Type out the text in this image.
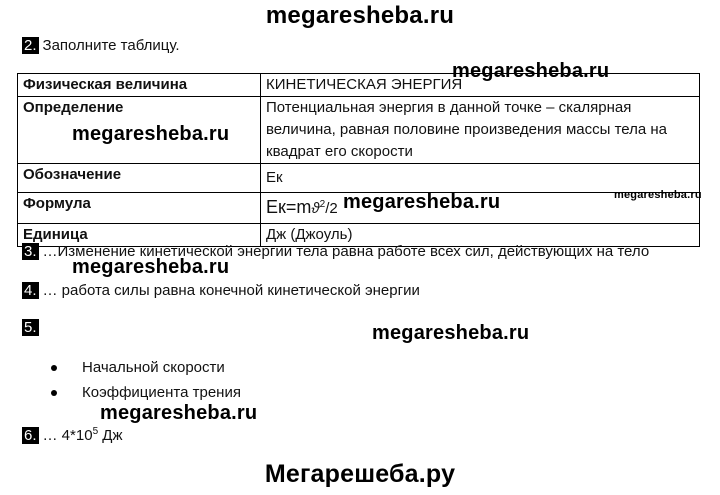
megaresheba.ru
2. Заполните таблицу.
Физическая величина	КИНЕТИЧЕСКАЯ ЭНЕРГИЯ
Определение	Потенциальная энергия в данной точке – скалярная величина, равная половине произведения массы тела на квадрат его скорости
Обозначение	Eк
Формула	$Eк=mϑ^2/2$
Единица	Дж (Джоуль)
megaresheba.ru
megaresheba.ru
megaresheba.ru
megaresheba.ru
3. …Изменение кинетической энергии тела равна работе всех сил, действующих на тело
megaresheba.ru
4. … работа силы равна конечной кинетической энергии
5.	megaresheba.ru
Начальной скорости
Коэффициента трения
megaresheba.ru
6. … $4*10^5$ Дж
Мегарешеба.ру
